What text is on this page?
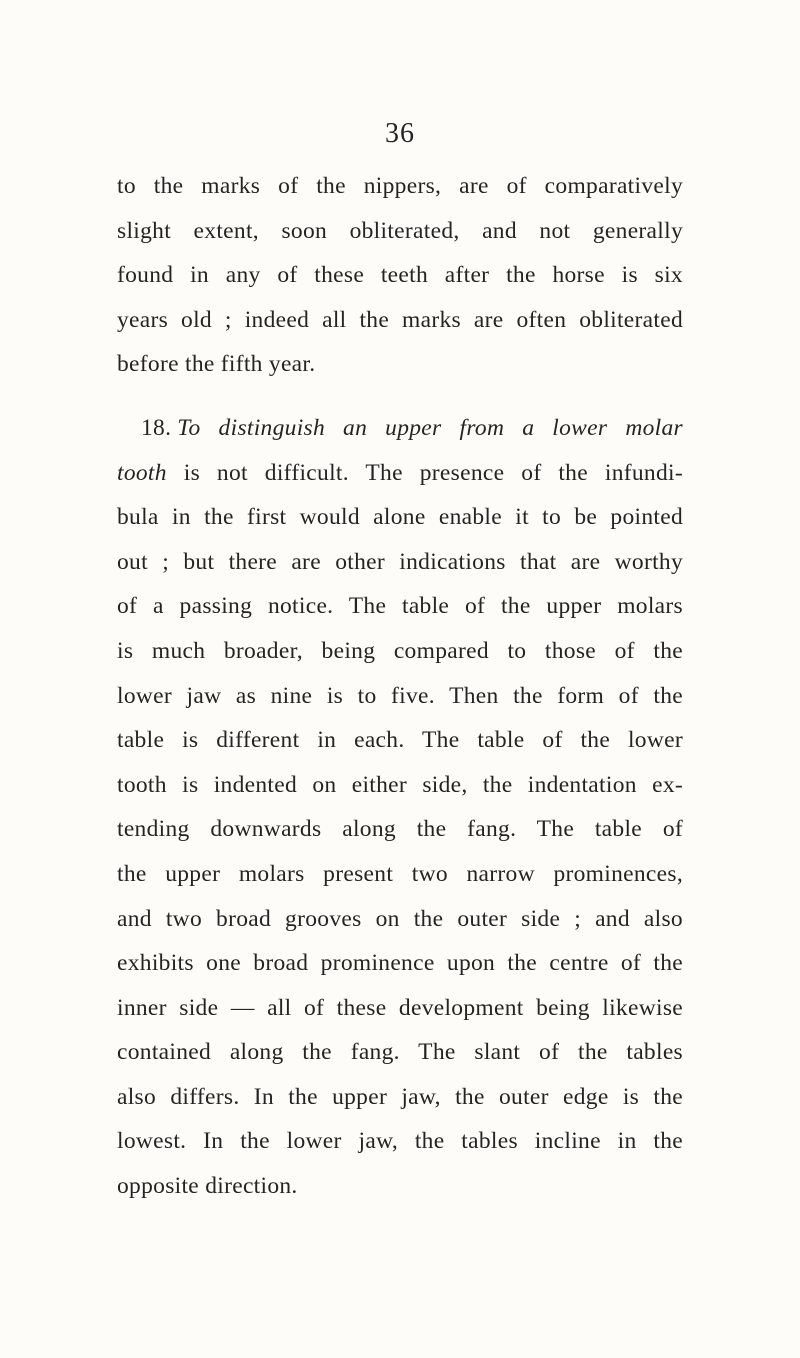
36
to the marks of the nippers, are of comparatively
slight extent, soon obliterated, and not generally
found in any of these teeth after the horse is six
years old ; indeed all the marks are often obliterated
before the fifth year.
18. To distinguish an upper from a lower molar
tooth is not difficult. The presence of the infundi-
bula in the first would alone enable it to be pointed
out ; but there are other indications that are worthy
of a passing notice. The table of the upper molars
is much broader, being compared to those of the
lower jaw as nine is to five. Then the form of the
table is different in each. The table of the lower
tooth is indented on either side, the indentation ex-
tending downwards along the fang. The table of
the upper molars present two narrow prominences,
and two broad grooves on the outer side ; and also
exhibits one broad prominence upon the centre of the
inner side — all of these development being likewise
contained along the fang. The slant of the tables
also differs. In the upper jaw, the outer edge is the
lowest. In the lower jaw, the tables incline in the
opposite direction.
